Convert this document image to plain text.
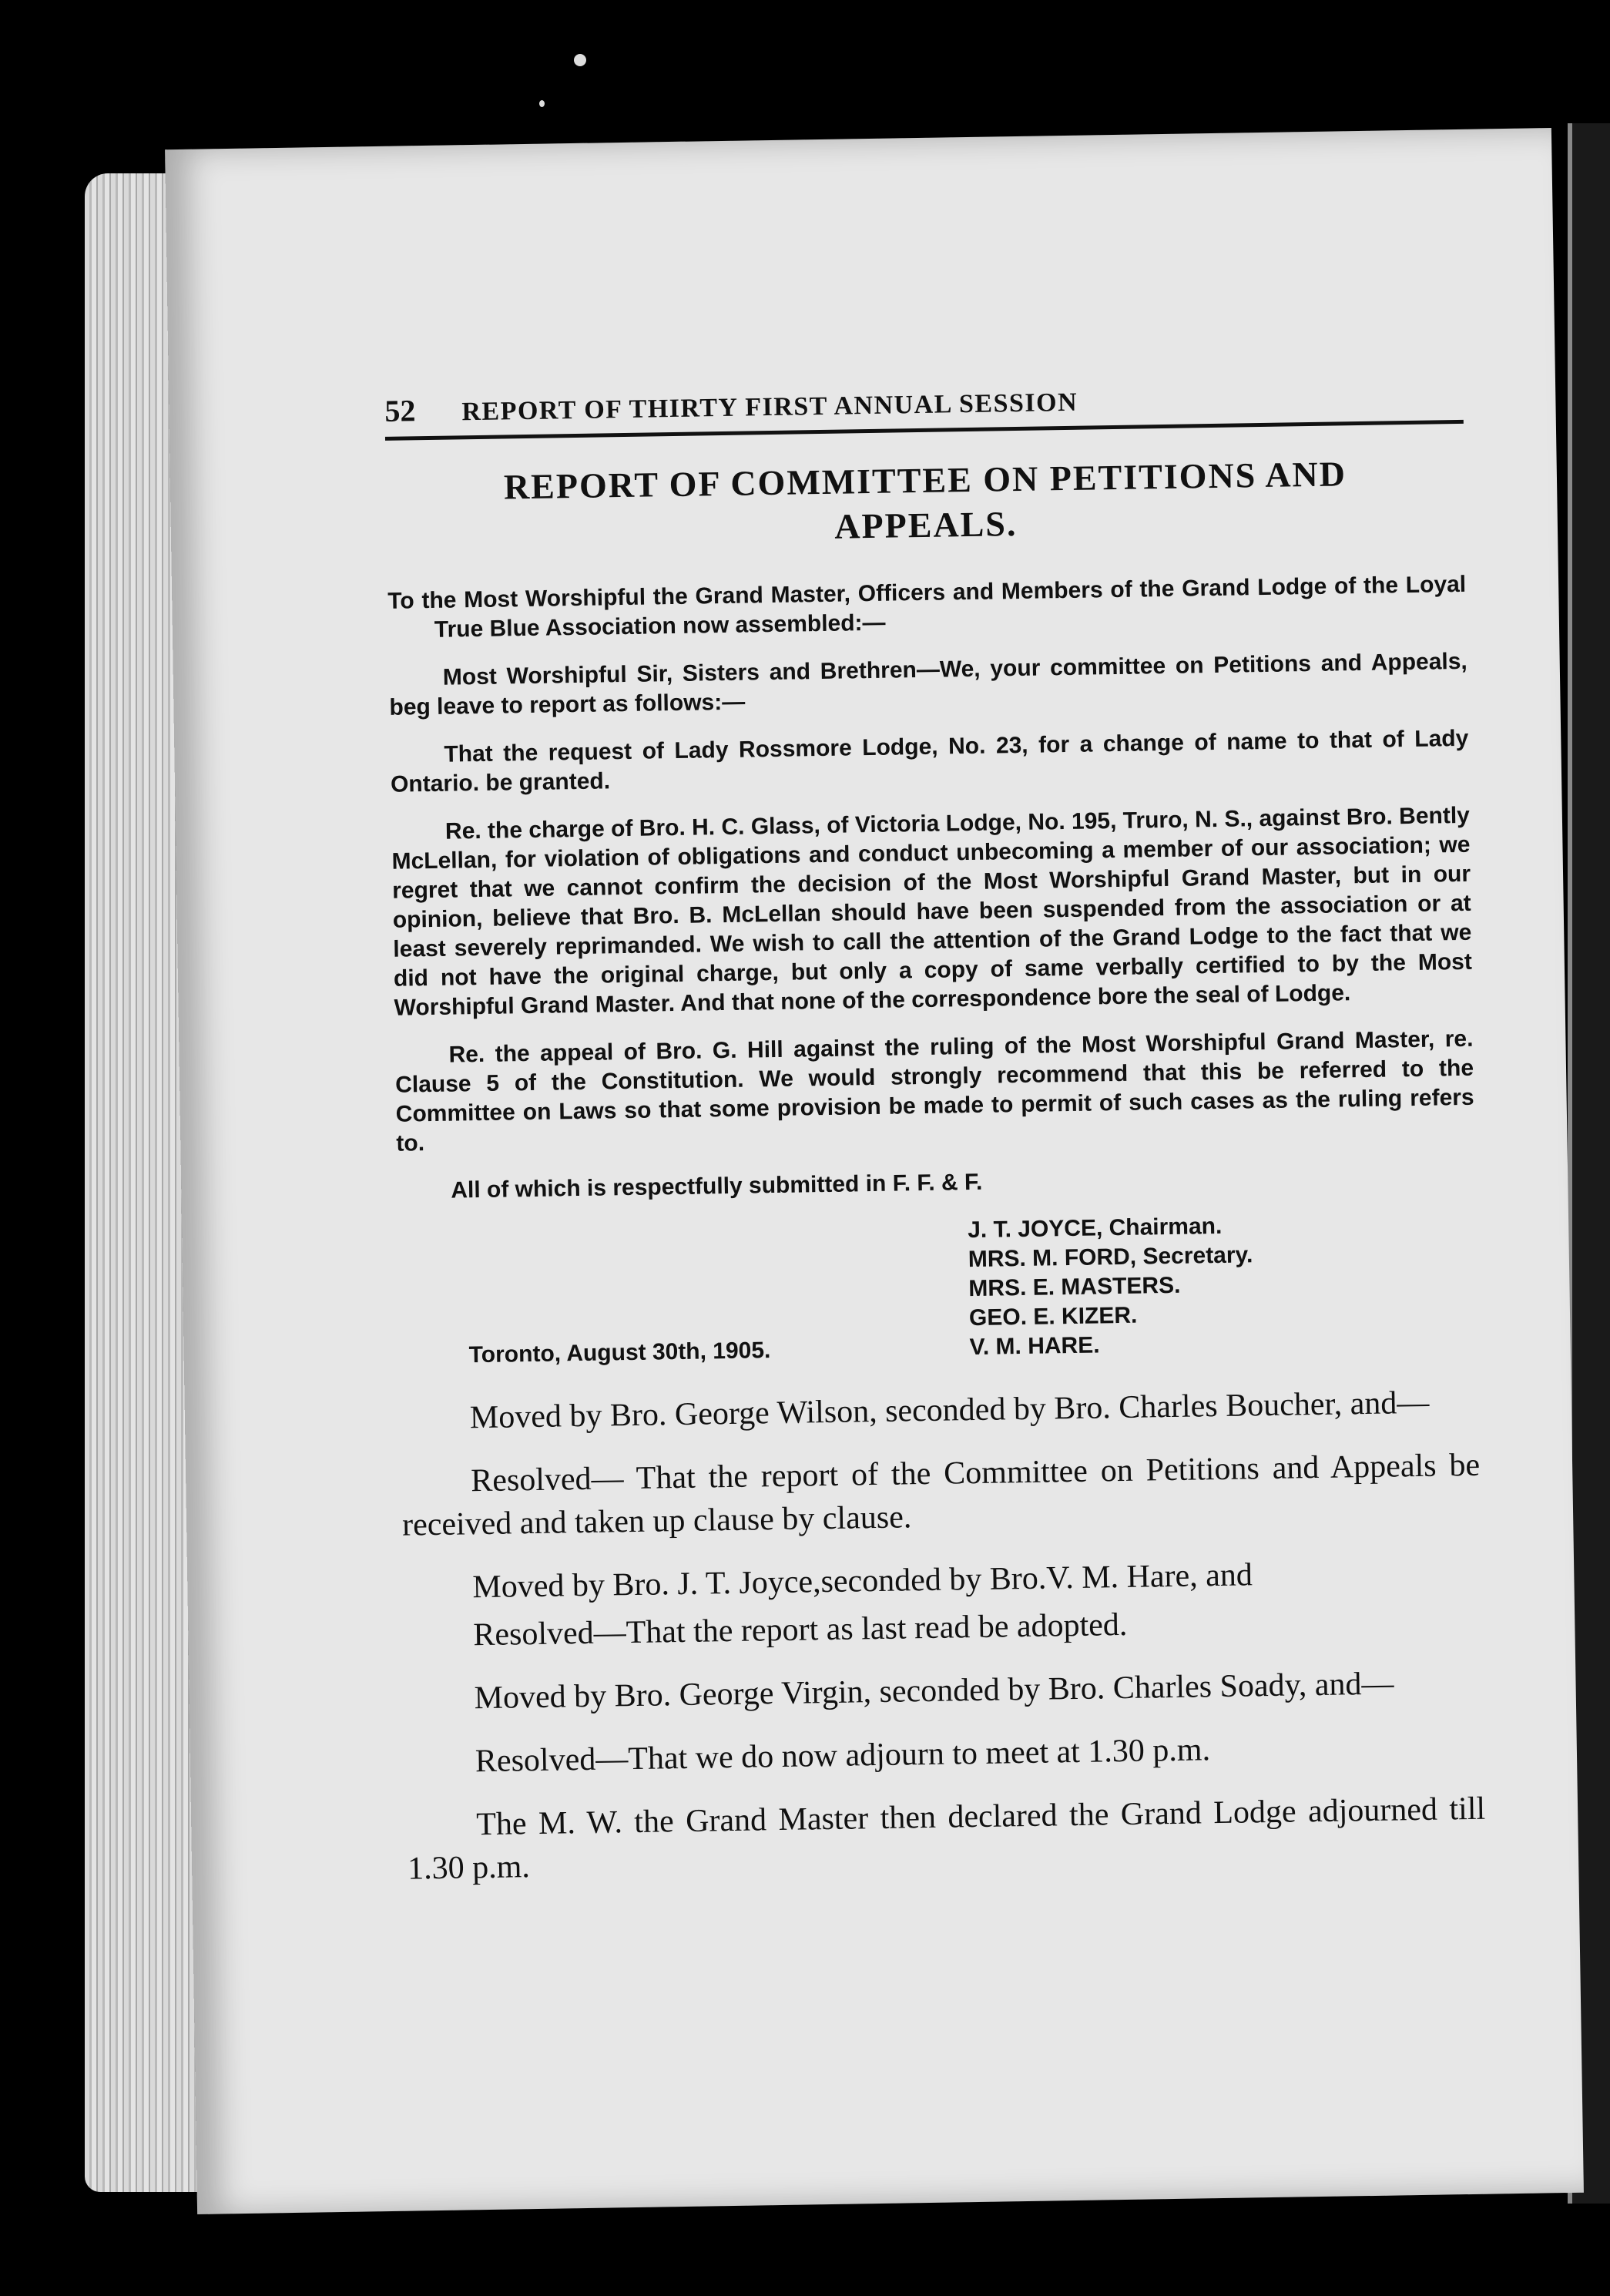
52 REPORT OF THIRTY FIRST ANNUAL SESSION
REPORT OF COMMITTEE ON PETITIONS AND
APPEALS.

To the Most Worshipful the Grand Master, Officers and Members of the Grand Lodge of the Loyal True Blue Association now assembled:—

Most Worshipful Sir, Sisters and Brethren—We, your committee on Petitions and Appeals, beg leave to report as follows:—

That the request of Lady Rossmore Lodge, No. 23, for a change of name to that of Lady Ontario. be granted.

Re. the charge of Bro. H. C. Glass, of Victoria Lodge, No. 195, Truro, N. S., against Bro. Bently McLellan, for violation of obligations and conduct unbecoming a member of our association; we regret that we cannot confirm the decision of the Most Worshipful Grand Master, but in our opinion, believe that Bro. B. McLellan should have been suspended from the association or at least severely reprimanded. We wish to call the attention of the Grand Lodge to the fact that we did not have the original charge, but only a copy of same verbally certified to by the Most Worshipful Grand Master. And that none of the correspondence bore the seal of Lodge.

Re. the appeal of Bro. G. Hill against the ruling of the Most Worshipful Grand Master, re. Clause 5 of the Constitution. We would strongly recommend that this be referred to the Committee on Laws so that some provision be made to permit of such cases as the ruling refers to.

All of which is respectfully submitted in F. F. & F.

J. T. JOYCE, Chairman.
MRS. M. FORD, Secretary.
MRS. E. MASTERS.
GEO. E. KIZER.
Toronto, August 30th, 1905.	V. M. HARE.

Moved by Bro. George Wilson, seconded by Bro. Charles Boucher, and—

Resolved— That the report of the Committee on Petitions and Appeals be received and taken up clause by clause.

Moved by Bro. J. T. Joyce,seconded by Bro.V. M. Hare, and

Resolved—That the report as last read be adopted.

Moved by Bro. George Virgin, seconded by Bro. Charles Soady, and—

Resolved—That we do now adjourn to meet at 1.30 p.m.

The M. W. the Grand Master then declared the Grand Lodge adjourned till 1.30 p.m.
